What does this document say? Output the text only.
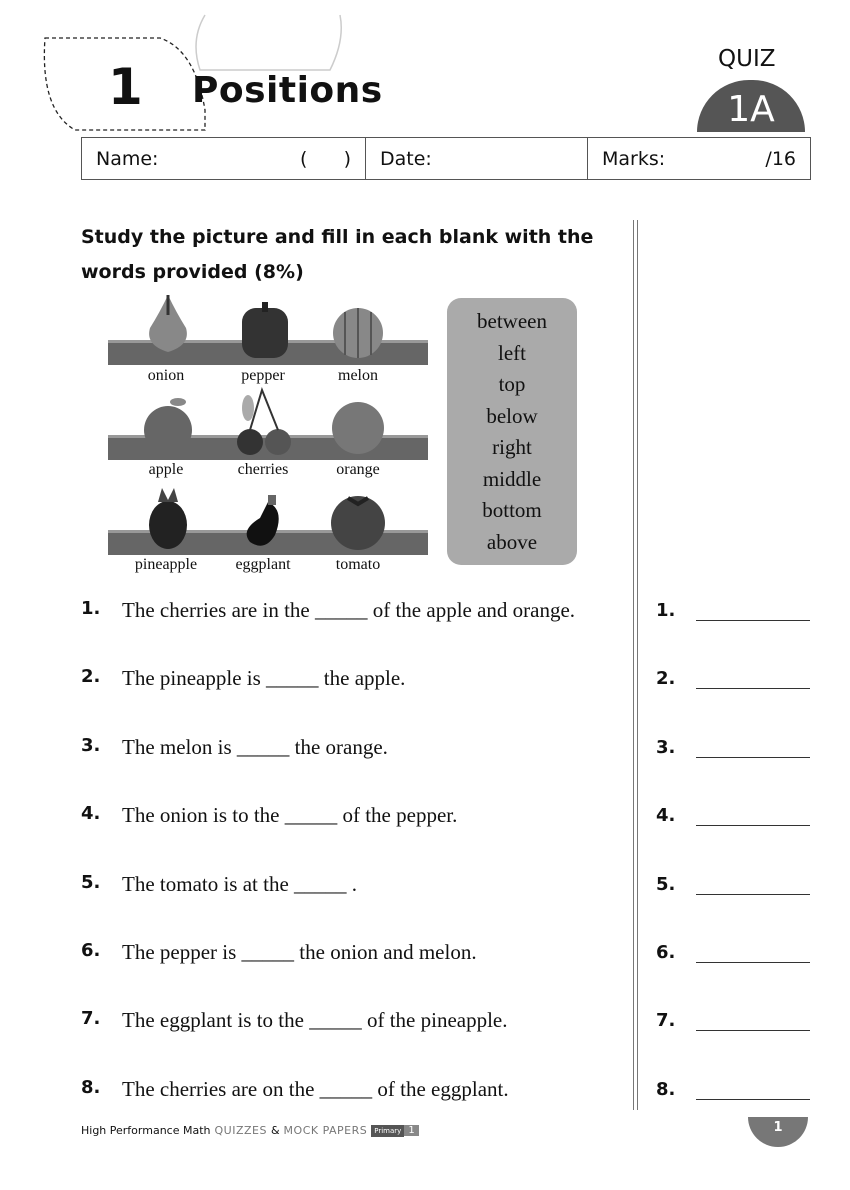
1 Positions
QUIZ
1A
Name:	(      ) Date:	Marks:	/16
Study the picture and fill in each blank with the words provided (8%)
onion	pepper	melon
apple	cherries	orange
pineapple	eggplant	tomato
between
left
top
below
right
middle
bottom
above
1.	The cherries are in the _____ of the apple and orange.	1.
2.	The pineapple is _____ the apple.	2.
3.	The melon is _____ the orange.	3.
4.	The onion is to the _____ of the pepper.	4.
5.	The tomato is at the _____ .	5.
6.	The pepper is _____ the onion and melon.	6.
7.	The eggplant is to the _____ of the pineapple.	7.
8.	The cherries are on the _____ of the eggplant.	8.
High Performance Math QUIZZES & MOCK PAPERS	Primary 1	1
